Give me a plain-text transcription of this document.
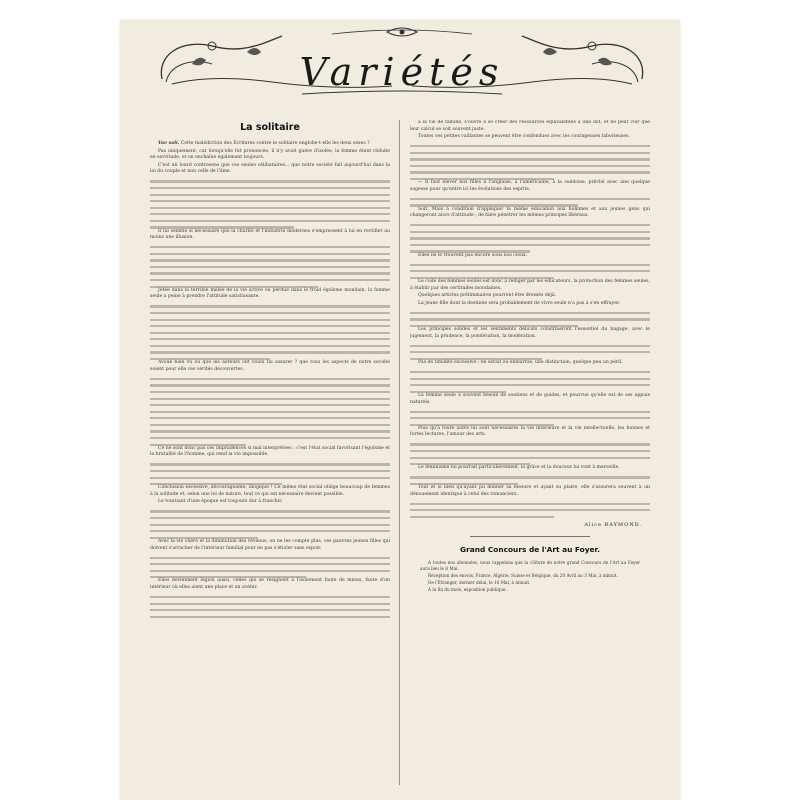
Variétés
La solitaire

Vae soli. Cette malédiction des Écritures contre le solitaire englobe-t-elle les deux sexes ?

Pas uniquement, car lorsqu'elle fut prononcée, il n'y avait guère d'isolée, la femme étant réduite en servitude, et on enchaîne également toujours.

C'est un lourd contresens que ces seules célibataires... que notre société fait aujourd'hui dans la loi du couple et non celle de l'âme.

Il lui semble si nécessaire que la charité et l'industrie modernes s'empressent à lui en rectifier au moins une illusion.

Jetée dans la terrible mêlée de la vie active ou perdue dans le froid égoïsme mondain, la femme seule a peine à prendre l'attitude satisfaisante.

Avoué bien vu ou que les auteurs ont voulu lui assurer ? que tous les aspects de notre société soient pour elle ces vérités découvertes.

Ce ne sont donc pas ces imprudences si mal interprétées : c'est l'état social favorisant l'égoïsme et la brutalité de l'homme, qui rend la vie impossible.

Conclusion excessive, décourageante, illogique ! Ce même état social oblige beaucoup de femmes à la solitude et, selon une loi de nature, tout ce qui est nécessaire devient possible.

Le tournant d'une époque est toujours dur à franchir.

Avec la vie chère et la diminution des revenus, on ne les compte plus, ces pauvres jeunes filles qui doivent s'arracher de l'intérieur familial pour ne pas s'étioler sans espoir.

Elles deviennent légion aussi, celles qui se résignent à l'isolement faute de mieux, faute d'un intérieur où elles aient une place et un avenir.

à la vie de famille, s'ouvre à se créer des ressources équivalentes à une dot, et ne peut voir que leur calcul se soit souvent juste.

Toutes ces petites vaillantes se peuvent être confondues avec les courageuses laborieuses.

— Il faut élever nos filles à l'anglaise, à l'américaine, à la suédoise, prêché avec une quelque sagesse pour qu'entre ici les évolutions des esprits.

Soit. Mais à condition d'appliquer la même éducation aux hommes et aux jeunes gens qui changeront alors d'attitude ; de faire pénétrer les mêmes principes libéraux.

Elles ne le trouvent pas encore sous nos cieux.

Le code des femmes seules est donc à rédiger par les éducateurs, la protection des femmes seules, à établir par des certitudes mondaines.

Quelques articles préliminaires pourront être dressés déjà.

La jeune fille dont la destinée sera probablement de vivre seule n'a pas à s'en effrayer.

Les principes solides et les sentiments délicats constitueront l'essentiel du bagage, avec le jugement, la prudence, la pondération, la modération.

Pas de timidité excessive : ne serait ou embarras, une distinction, quelque peu un péril.

La femme seule a souvent besoin de soutiens et de guides, et pourvue qu'elle est de ses appuis naturels.

Plus qu'à toute autre lui sont nécessaires la vie intérieure et la vie intellectuelle, les bonnes et fortes lectures, l'amour des arts.

Le féminisme lui pourrait particulièrement, la grâce et la douceur lui vont à merveille.

Tout et si bien qu'ayant pu donner sa mesure et ayant su plaire, elle s'assurera souvent à un dénouement identique à celui des romanciers.

Alice RAYMOND.
Grand Concours de l'Art au Foyer.

A toutes nos abonnées, nous rappelons que la clôture de notre grand Concours de l'Art au Foyer aura lieu le 8 Mai.

Réception des envois, France, Algérie, Suisse et Belgique, du 20 Avril au 3 Mai, à minuit.

De l'Étranger, dernier délai, le 10 Mai, à minuit.

A la fin du mois, exposition publique.
